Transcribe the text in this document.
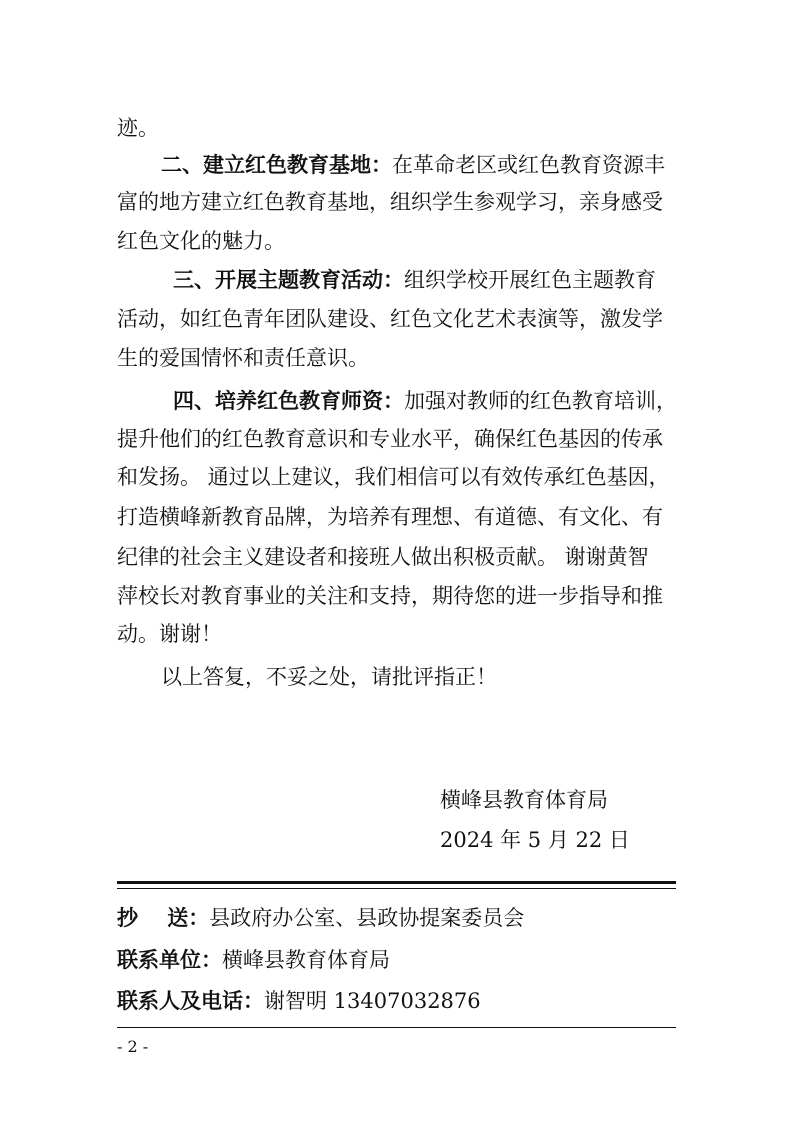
迹。
二、建立红色教育基地：在革命老区或红色教育资源丰
富的地方建立红色教育基地，组织学生参观学习，亲身感受
红色文化的魅力。
三、开展主题教育活动：组织学校开展红色主题教育
活动，如红色青年团队建设、红色文化艺术表演等，激发学
生的爱国情怀和责任意识。
四、培养红色教育师资：加强对教师的红色教育培训，
提升他们的红色教育意识和专业水平，确保红色基因的传承
和发扬。 通过以上建议，我们相信可以有效传承红色基因，
打造横峰新教育品牌，为培养有理想、有道德、有文化、有
纪律的社会主义建设者和接班人做出积极贡献。 谢谢黄智
萍校长对教育事业的关注和支持，期待您的进一步指导和推
动。谢谢！
以上答复，不妥之处，请批评指正！
横峰县教育体育局
2024 年 5 月 22 日
抄    送：县政府办公室、县政协提案委员会
联系单位：横峰县教育体育局
联系人及电话：谢智明 13407032876
- 2 -
